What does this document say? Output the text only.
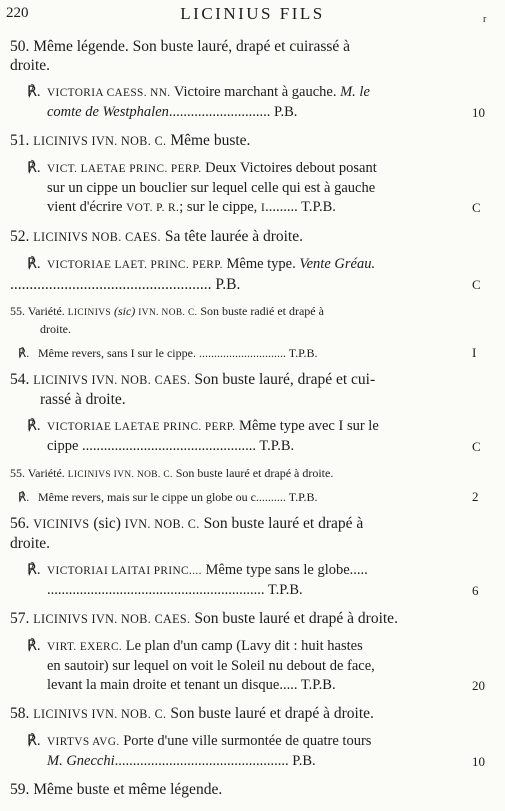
220	LICINIUS FILS	r
50. Même légende. Son buste lauré, drapé et cuirassé à
droite.
℟. VICTORIA CAESS. NN. Victoire marchant à gauche. M. le
comte de Westphalen............................ P.B.	10
51. LICINIVS IVN. NOB. C. Même buste.
℟. VICT. LAETAE PRINC. PERP. Deux Victoires debout posant
sur un cippe un bouclier sur lequel celle qui est à gauche
vient d'écrire VOT. P. R.; sur le cippe, I......... T.P.B.	C
52. LICINIVS NOB. CAES. Sa tête laurée à droite.
℟. VICTORIAE LAET. PRINC. PERP. Même type. Vente Gréau.
.................................................... P.B.	C
55. Variété. LICINIVS (sic) IVN. NOB. C. Son buste radié et drapé à
droite.
℟. Même revers, sans I sur le cippe. ............................. T.P.B.	I
54. LICINIVS IVN. NOB. CAES. Son buste lauré, drapé et cui-
rassé à droite.
℟. VICTORIAE LAETAE PRINC. PERP. Même type avec I sur le
cippe ................................................ T.P.B.	C
55. Variété. LICINIVS IVN. NOB. C. Son buste lauré et drapé à droite.
℟. Même revers, mais sur le cippe un globe ou c.......... T.P.B.	2
56. VICINIVS (sic) IVN. NOB. C. Son buste lauré et drapé à
droite.
℟. VICTORIAI LAITAI PRINC.... Même type sans le globe.....
............................................................ T.P.B.	6
57. LICINIVS IVN. NOB. CAES. Son buste lauré et drapé à droite.
℟. VIRT. EXERC. Le plan d'un camp (Lavy dit : huit hastes
en sautoir) sur lequel on voit le Soleil nu debout de face,
levant la main droite et tenant un disque..... T.P.B.	20
58. LICINIVS IVN. NOB. C. Son buste lauré et drapé à droite.
℟. VIRTVS AVG. Porte d'une ville surmontée de quatre tours
M. Gnecchi................................................ P.B.	10
59. Même buste et même légende.
